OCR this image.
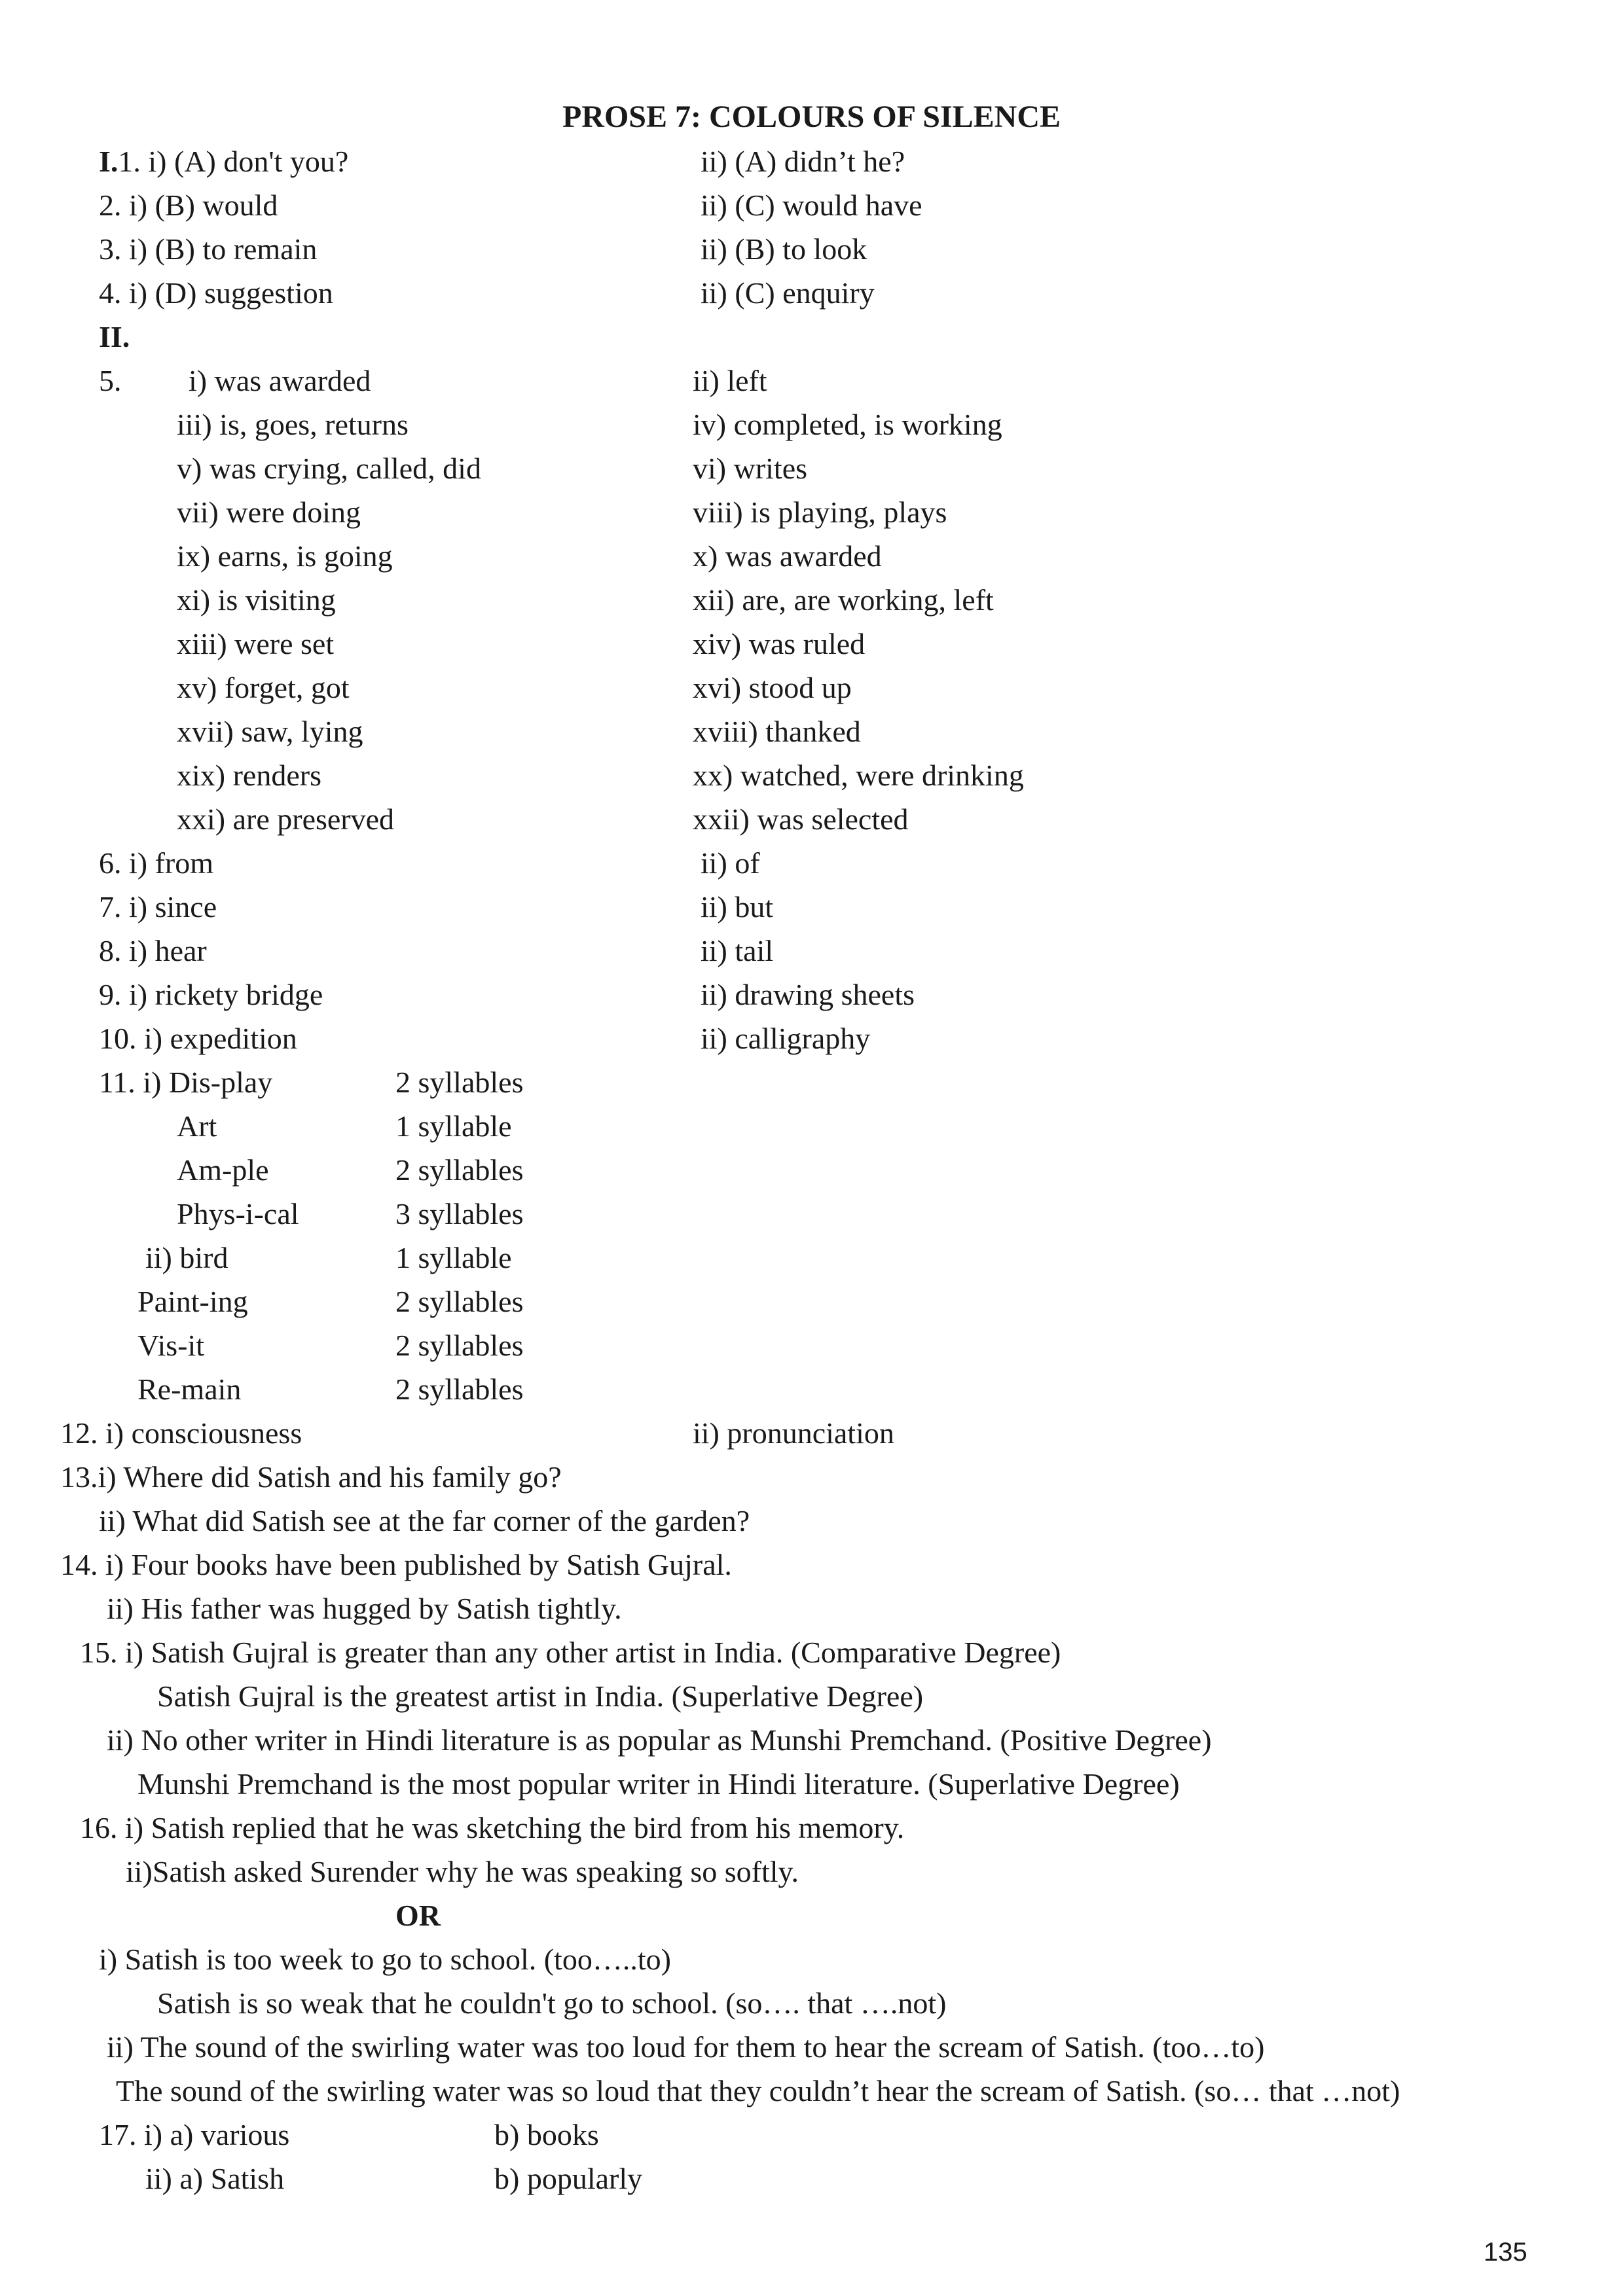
PROSE 7: COLOURS OF SILENCE
I.1. i) (A) don't you?	ii) (A) didn’t he?
2. i) (B) would	ii) (C) would have
3. i) (B) to remain	ii) (B) to look
4. i) (D) suggestion	ii) (C) enquiry
II.
5. i) was awarded	ii) left
iii) is, goes, returns	iv) completed, is working
v) was crying, called, did	vi) writes
vii) were doing	viii) is playing, plays
ix) earns, is going	x) was awarded
xi) is visiting	xii) are, are working, left
xiii) were set	xiv) was ruled
xv) forget, got	xvi) stood up
xvii) saw, lying	xviii) thanked
xix) renders	xx) watched, were drinking
xxi) are preserved	xxii) was selected
6. i) from	ii) of
7. i) since	ii) but
8. i) hear	ii) tail
9. i) rickety bridge	ii) drawing sheets
10. i) expedition	ii) calligraphy
11. i) Dis-play	2 syllables
Art	1 syllable
Am-ple	2 syllables
Phys-i-cal	3 syllables
ii) bird	1 syllable
Paint-ing	2 syllables
Vis-it	2 syllables
Re-main	2 syllables
12. i) consciousness	ii) pronunciation
13.i) Where did Satish and his family go?
ii) What did Satish see at the far corner of the garden?
14. i) Four books have been published by Satish Gujral.
ii) His father was hugged by Satish tightly.
15. i) Satish Gujral is greater than any other artist in India. (Comparative Degree)
Satish Gujral is the greatest artist in India. (Superlative Degree)
ii) No other writer in Hindi literature is as popular as Munshi Premchand. (Positive Degree)
Munshi Premchand is the most popular writer in Hindi literature. (Superlative Degree)
16. i) Satish replied that he was sketching the bird from his memory.
ii)Satish asked Surender why he was speaking so softly.
OR
i) Satish is too week to go to school. (too…..to)
Satish is so weak that he couldn't go to school. (so…. that ….not)
ii) The sound of the swirling water was too loud for them to hear the scream of Satish. (too…to)
The sound of the swirling water was so loud that they couldn’t hear the scream of Satish. (so… that …not)
17. i) a) various	b) books
ii) a) Satish	b) popularly
135
